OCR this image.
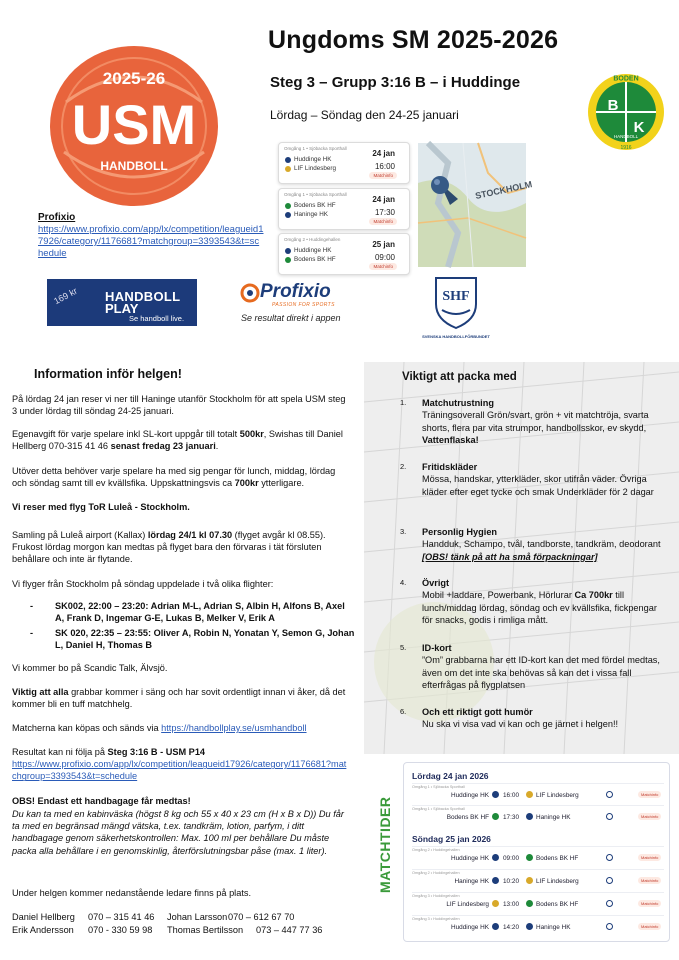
Ungdoms SM 2025-2026
Steg 3 – Grupp 3:16 B – i Huddinge
Lördag – Söndag den 24-25 januari
2025-26
USM
HANDBOLL
Profixio
https://www.profixio.com/app/lx/competition/leagueid17926/category/1176681?matchgroup=3393543&t=schedule
Omgång 1 • Sjöbacka Sporthall
Huddinge HK
LIF Lindesberg
24 jan
16:00
Matchinfo
Omgång 1 • Sjöbacka Sporthall
Bodens BK HF
Haninge HK
24 jan
17:30
Matchinfo
Omgång 2 • Huddingehallen
Huddinge HK
Bodens BK HF
25 jan
09:00
Matchinfo
STOCKHOLM
BODEN
B
K
HANDBOLL
1916
169 kr HANDBOLL
PLAY
Se handboll live.
Profixio
PASSION FOR SPORTS
Se resultat direkt i appen
SHF
SVENSKA HANDBOLLFÖRBUNDET
Information inför helgen!
På lördag 24 jan reser vi ner till Haninge utanför Stockholm för att spela USM steg 3 under lördag till söndag 24-25 januari.
Egenavgift för varje spelare inkl SL-kort uppgår till totalt 500kr, Swishas till Daniel Hellberg 070-315 41 46 senast fredag 23 januari.
Utöver detta behöver varje spelare ha med sig pengar för lunch, middag, lördag och söndag samt till ev kvällsfika. Uppskattningsvis ca 700kr ytterligare.
Vi reser med flyg ToR Luleå - Stockholm.
Samling på Luleå airport (Kallax) lördag 24/1 kl 07.30 (flyget avgår kl 08.55). Frukost lördag morgon kan medtas på flyget bara den förvaras i tät försluten behållare och inte är flytande.
Vi flyger från Stockholm på söndag uppdelade i två olika flighter:
- SK002, 22:00 – 23:20: Adrian M-L, Adrian S, Albin H, Alfons B, Axel A, Frank D, Ingemar G-E, Lukas B, Melker V, Erik A
- SK 020, 22:35 – 23:55: Oliver A, Robin N, Yonatan Y, Semon G, Johan L, Daniel H, Thomas B
Vi kommer bo på Scandic Talk, Älvsjö.
Viktig att alla grabbar kommer i säng och har sovit ordentligt innan vi åker, då det kommer bli en tuff matchhelg.
Matcherna kan köpas och sänds via https://handbollplay.se/usmhandboll
Resultat kan ni följa på Steg 3:16 B - USM P14
https://www.profixio.com/app/lx/competition/leagueid17926/category/1176681?matchgroup=3393543&t=schedule
OBS! Endast ett handbagage får medtas!
Du kan ta med en kabinväska (högst 8 kg och 55 x 40 x 23 cm (H x B x D)) Du får ta med en begränsad mängd vätska, t.ex. tandkräm, lotion, parfym, i ditt handbagage genom säkerhetskontrollen: Max. 100 ml per behållare Du måste packa alla behållare i en genomskinlig, återförslutningsbar påse (max. 1 liter).
Under helgen kommer nedanstående ledare finns på plats.
Daniel Hellberg	070 – 315 41 46	Johan Larsson 070 – 612 67 70
Erik Andersson	070 - 330 59 98	Thomas Bertilsson	073 – 447 77 36
Viktigt att packa med
1. Matchutrustning
Träningsoverall Grön/svart, grön + vit matchtröja, svarta shorts, flera par vita strumpor, handbollsskor, ev skydd, Vattenflaska!
2. Fritidskläder
Mössa, handskar, ytterkläder, skor utifrån väder. Övriga kläder efter eget tycke och smak Underkläder för 2 dagar
3. Personlig Hygien
Handduk, Schampo, tvål, tandborste, tandkräm, deodorant [OBS! tänk på att ha små förpackningar]
4. Övrigt
Mobil +laddare, Powerbank, Hörlurar Ca 700kr till lunch/middag lördag, söndag och ev kvällsfika, fickpengar för snacks, godis i rimliga mått.
5. ID-kort
”Om” grabbarna har ett ID-kort kan det med fördel medtas, även om det inte ska behövas så kan det i vissa fall efterfrågas på flygplatsen
6. Och ett riktigt gott humör
Nu ska vi visa vad vi kan och ge järnet i helgen!!
MATCHTIDER
Lördag 24 jan 2026
Omgång 1 • Sjöbacka Sporthall
Huddinge HK 16:00	LIF Lindesberg	Matchinfo
Omgång 1 • Sjöbacka Sporthall
Bodens BK HF 17:30	Haninge HK	Matchinfo
Söndag 25 jan 2026
Omgång 2 • Huddingehallen
Huddinge HK 09:00	Bodens BK HF	Matchinfo
Omgång 2 • Huddingehallen
Haninge HK 10:20	LIF Lindesberg	Matchinfo
Omgång 3 • Huddingehallen
LIF Lindesberg 13:00	Bodens BK HF	Matchinfo
Omgång 3 • Huddingehallen
Huddinge HK 14:20	Haninge HK	Matchinfo
